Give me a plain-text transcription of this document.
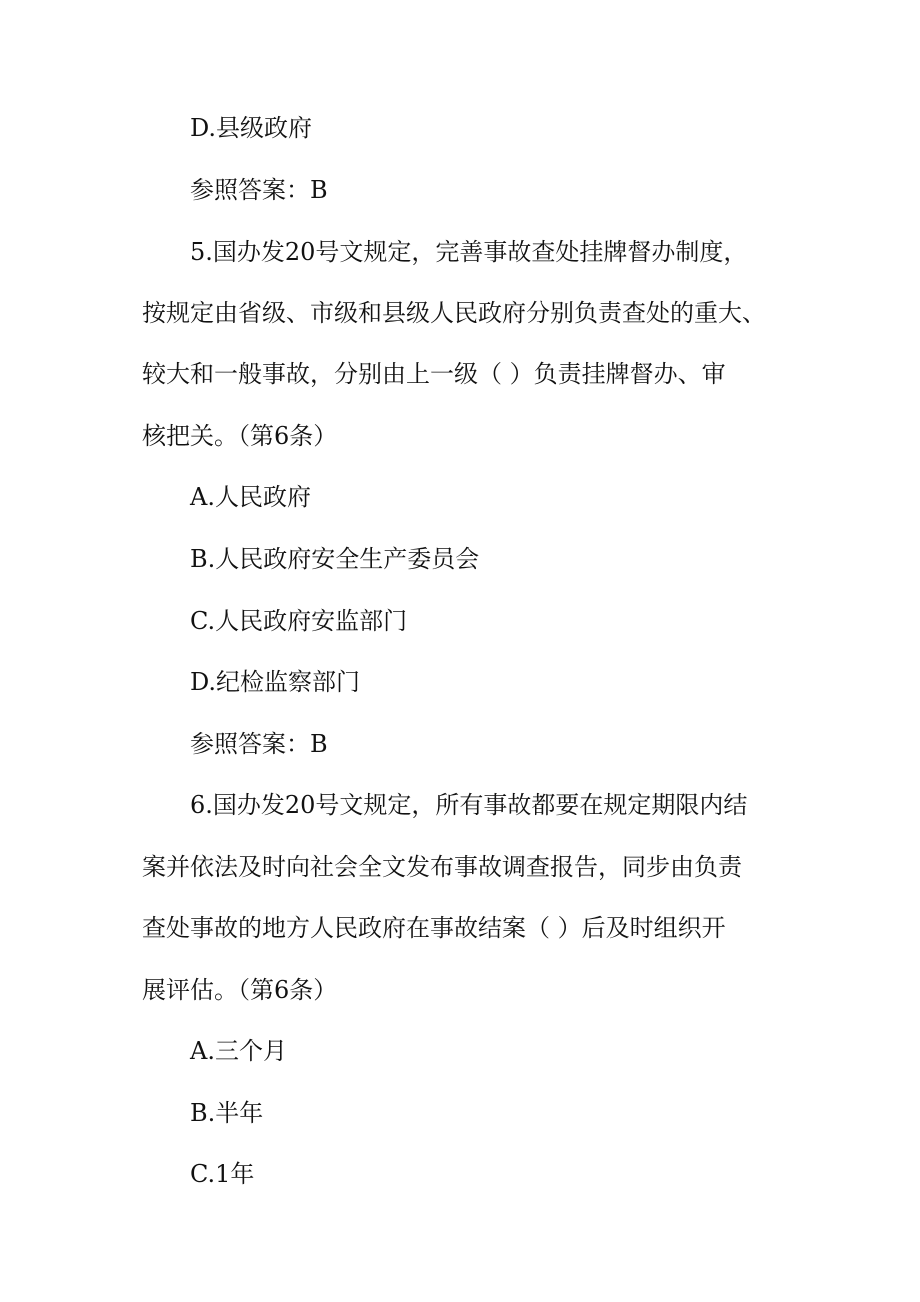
D.县级政府
参照答案：B
5.国办发20号文规定，完善事故查处挂牌督办制度，
按规定由省级、市级和县级人民政府分别负责查处的重大、
较大和一般事故，分别由上一级（ ）负责挂牌督办、审
核把关。（第6条）
A.人民政府
B.人民政府安全生产委员会
C.人民政府安监部门
D.纪检监察部门
参照答案：B
6.国办发20号文规定，所有事故都要在规定期限内结
案并依法及时向社会全文发布事故调查报告，同步由负责
查处事故的地方人民政府在事故结案（ ）后及时组织开
展评估。（第6条）
A.三个月
B.半年
C.1年
